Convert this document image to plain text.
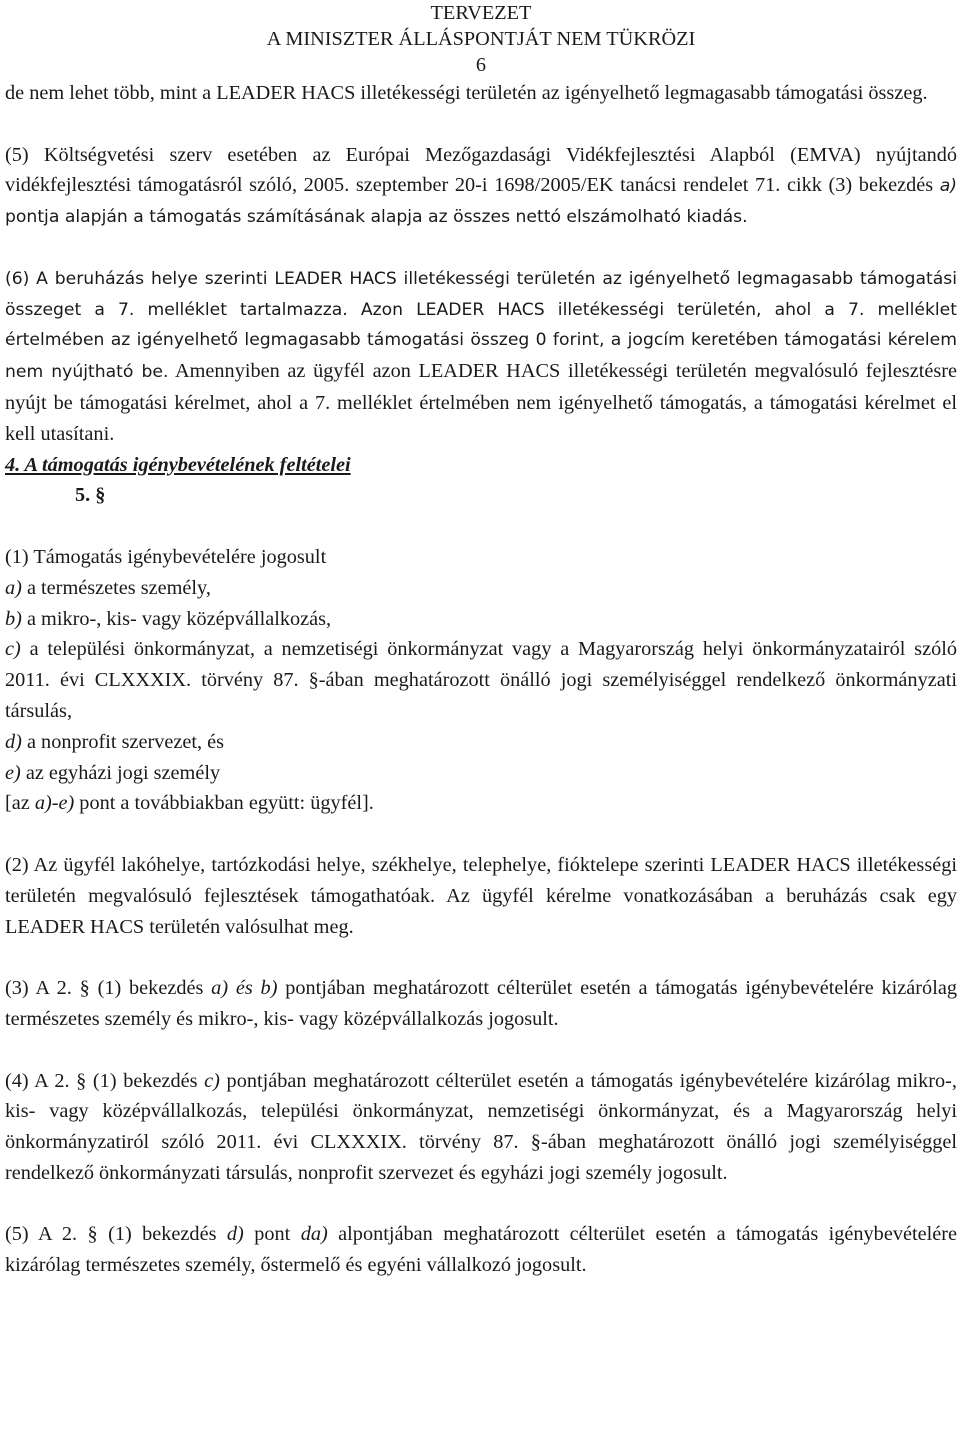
TERVEZET
A MINISZTER ÁLLÁSPONTJÁT NEM TÜKRÖZI
6

de nem lehet több, mint a LEADER HACS illetékességi területén az igényelhető legmagasabb támogatási összeg.

(5) Költségvetési szerv esetében az Európai Mezőgazdasági Vidékfejlesztési Alapból (EMVA) nyújtandó vidékfejlesztési támogatásról szóló, 2005. szeptember 20-i 1698/2005/EK tanácsi rendelet 71. cikk (3) bekezdés a) pontja alapján a támogatás számításának alapja az összes nettó elszámolható kiadás.

(6) A beruházás helye szerinti LEADER HACS illetékességi területén az igényelhető legmagasabb támogatási összeget a 7. melléklet tartalmazza. Azon LEADER HACS illetékességi területén, ahol a 7. melléklet értelmében az igényelhető legmagasabb támogatási összeg 0 forint, a jogcím keretében támogatási kérelem nem nyújtható be. Amennyiben az ügyfél azon LEADER HACS illetékességi területén megvalósuló fejlesztésre nyújt be támogatási kérelmet, ahol a 7. melléklet értelmében nem igényelhető támogatás, a támogatási kérelmet el kell utasítani.

4. A támogatás igénybevételének feltételei

5. §

(1) Támogatás igénybevételére jogosult

a) a természetes személy,

b) a mikro-, kis- vagy középvállalkozás,

c) a települési önkormányzat, a nemzetiségi önkormányzat vagy a Magyarország helyi önkormányzatairól szóló 2011. évi CLXXXIX. törvény 87. §-ában meghatározott önálló jogi személyiséggel rendelkező önkormányzati társulás,

d) a nonprofit szervezet, és

e) az egyházi jogi személy

[az a)-e) pont a továbbiakban együtt: ügyfél].

(2) Az ügyfél lakóhelye, tartózkodási helye, székhelye, telephelye, fióktelepe szerinti LEADER HACS illetékességi területén megvalósuló fejlesztések támogathatóak. Az ügyfél kérelme vonatkozásában a beruházás csak egy LEADER HACS területén valósulhat meg.

(3) A 2. § (1) bekezdés a) és b) pontjában meghatározott célterület esetén a támogatás igénybevételére kizárólag természetes személy és mikro-, kis- vagy középvállalkozás jogosult.

(4) A 2. § (1) bekezdés c) pontjában meghatározott célterület esetén a támogatás igénybevételére kizárólag mikro-, kis- vagy középvállalkozás, települési önkormányzat, nemzetiségi önkormányzat, és a Magyarország helyi önkormányzatiról szóló 2011. évi CLXXXIX. törvény 87. §-ában meghatározott önálló jogi személyiséggel rendelkező önkormányzati társulás, nonprofit szervezet és egyházi jogi személy jogosult.

(5) A 2. § (1) bekezdés d) pont da) alpontjában meghatározott célterület esetén a támogatás igénybevételére kizárólag természetes személy, őstermelő és egyéni vállalkozó jogosult.
